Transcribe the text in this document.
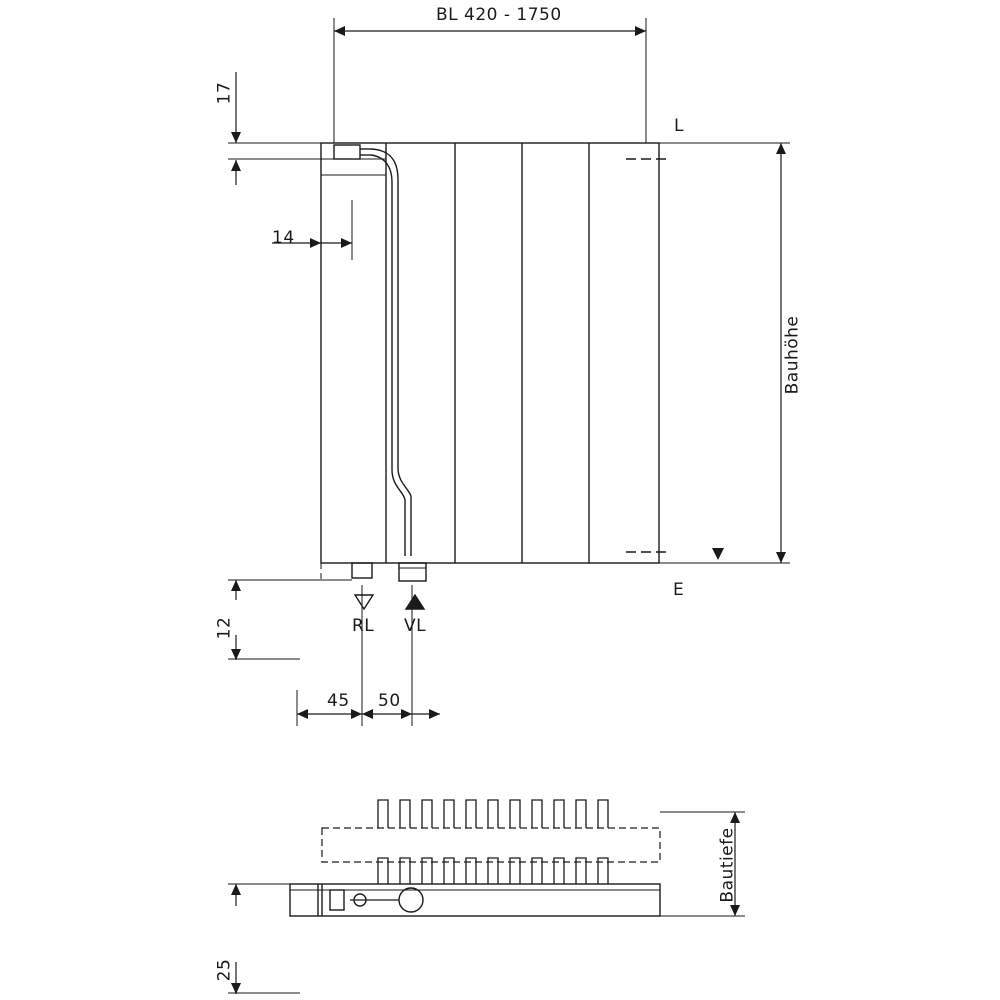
BL 420 - 1750
17
14
Bauhöhe
L
E
12	RL VL
45 50
Bautiefe
25
